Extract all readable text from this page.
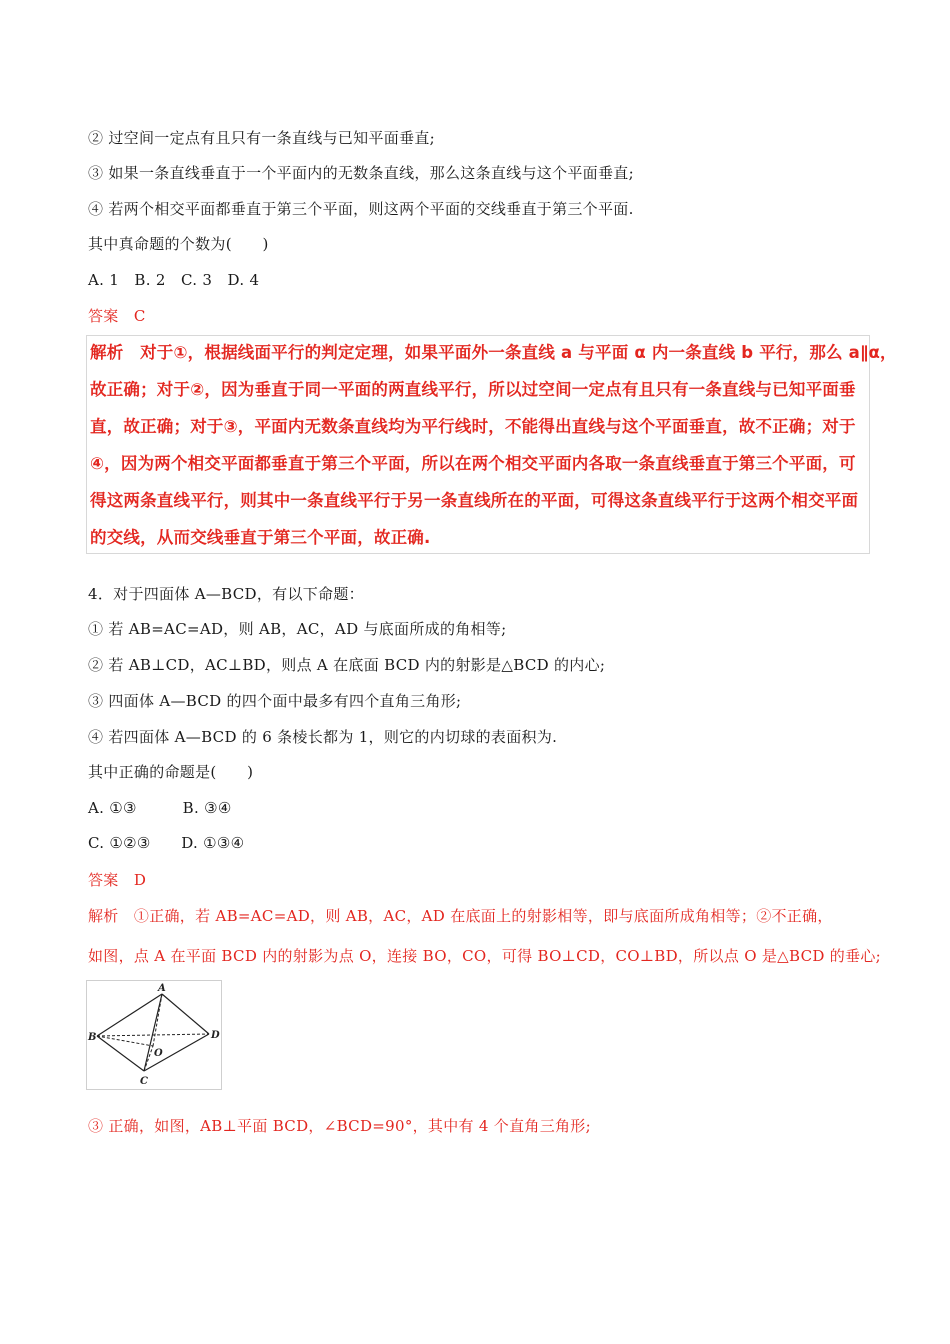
② 过空间一定点有且只有一条直线与已知平面垂直;
③ 如果一条直线垂直于一个平面内的无数条直线，那么这条直线与这个平面垂直;
④ 若两个相交平面都垂直于第三个平面，则这两个平面的交线垂直于第三个平面.
其中真命题的个数为(　　)
A. 1　B. 2　C. 3　D. 4
答案　 C
解析　对于①，根据线面平行的判定定理，如果平面外一条直线 a 与平面 α 内一条直线 b 平行，那么 a∥α，
故正确；对于②，因为垂直于同一平面的两直线平行，所以过空间一定点有且只有一条直线与已知平面垂
直，故正确；对于③，平面内无数条直线均为平行线时，不能得出直线与这个平面垂直，故不正确；对于
④，因为两个相交平面都垂直于第三个平面，所以在两个相交平面内各取一条直线垂直于第三个平面，可
得这两条直线平行，则其中一条直线平行于另一条直线所在的平面，可得这条直线平行于这两个相交平面
的交线，从而交线垂直于第三个平面，故正确.
4．对于四面体 A—BCD，有以下命题：
① 若 AB=AC=AD，则 AB，AC，AD 与底面所成的角相等;
② 若 AB⊥CD，AC⊥BD，则点 A 在底面 BCD 内的射影是△BCD 的内心;
③ 四面体 A—BCD 的四个面中最多有四个直角三角形;
④ 若四面体 A—BCD 的 6 条棱长都为 1，则它的内切球的表面积为.
其中正确的命题是(　　)
A. ①③　　　B. ③④
C. ①②③　　D. ①③④
答案　 D
解析　①正确，若 AB=AC=AD，则 AB，AC，AD 在底面上的射影相等，即与底面所成角相等；②不正确，
如图，点 A 在平面 BCD 内的射影为点 O，连接 BO，CO，可得 BO⊥CD，CO⊥BD，所以点 O 是△BCD 的垂心;
A
B
C
D
O
③ 正确，如图，AB⊥平面 BCD，∠BCD=90°，其中有 4 个直角三角形;
